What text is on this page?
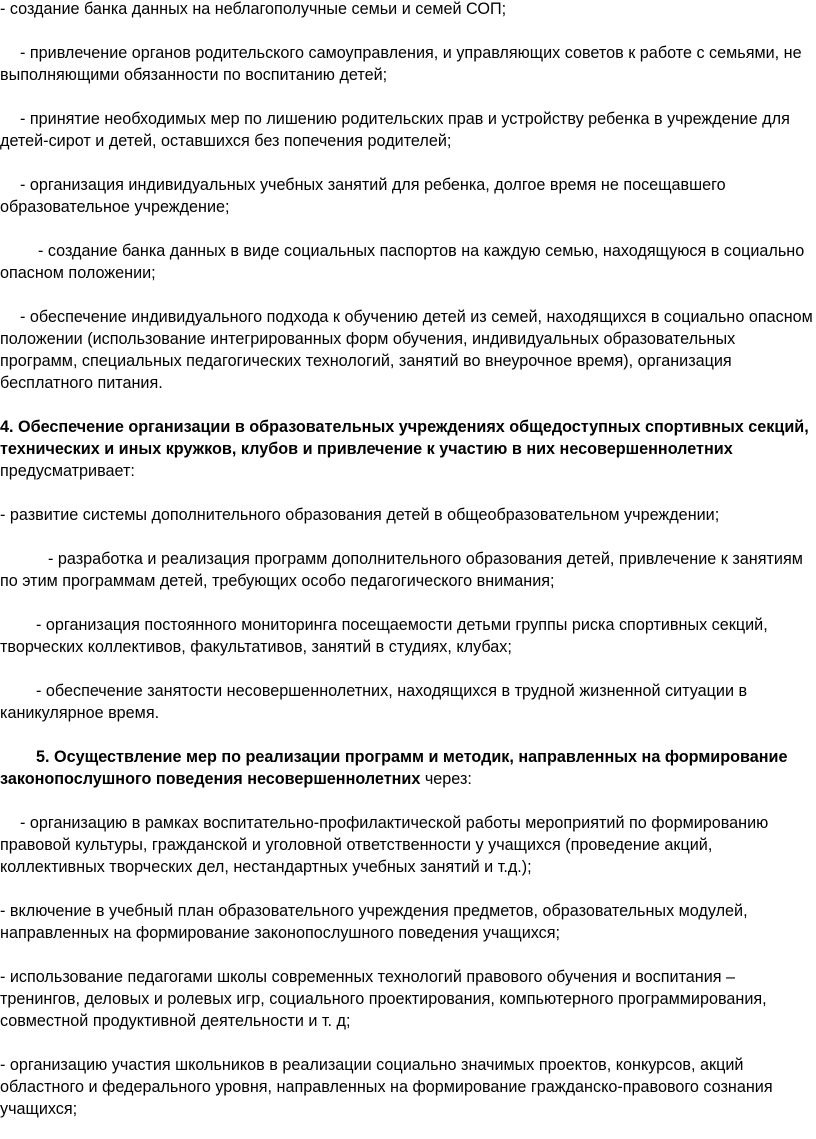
- создание банка данных на неблагополучные семьи и семей СОП;

- привлечение органов родительского самоуправления, и управляющих советов к работе с семьями, не выполняющими обязанности по воспитанию детей;

- принятие необходимых мер по лишению родительских прав и устройству ребенка в учреждение для детей-сирот и детей, оставшихся без попечения родителей;

- организация индивидуальных учебных занятий для ребенка, долгое время не посещавшего образовательное учреждение;

- создание банка данных в виде социальных паспортов на каждую семью, находящуюся в социально опасном положении;

- обеспечение индивидуального подхода к обучению детей из семей, находящихся в социально опасном положении (использование интегрированных форм обучения, индивидуальных образовательных программ, специальных педагогических технологий, занятий во внеурочное время), организация бесплатного питания.

4. Обеспечение организации в образовательных учреждениях общедоступных спортивных секций, технических и иных кружков, клубов и привлечение к участию в них несовершеннолетних предусматривает:

- развитие системы дополнительного образования детей в общеобразовательном учреждении;

- разработка и реализация программ дополнительного образования детей, привлечение к занятиям по этим программам детей, требующих особо педагогического внимания;

- организация постоянного мониторинга посещаемости детьми группы риска спортивных секций, творческих коллективов, факультативов, занятий в студиях, клубах;

- обеспечение занятости несовершеннолетних, находящихся в трудной жизненной ситуации в каникулярное время.

5. Осуществление мер по реализации программ и методик, направленных на формирование законопослушного поведения несовершеннолетних через:

- организацию в рамках воспитательно-профилактической работы мероприятий по формированию правовой культуры, гражданской и уголовной ответственности у учащихся (проведение акций, коллективных творческих дел, нестандартных учебных занятий и т.д.);

- включение в учебный план образовательного учреждения предметов, образовательных модулей, направленных на формирование законопослушного поведения учащихся;

- использование педагогами школы современных технологий правового обучения и воспитания – тренингов, деловых и ролевых игр, социального проектирования, компьютерного программирования, совместной продуктивной деятельности и т. д;

- организацию участия школьников в реализации социально значимых проектов, конкурсов, акций областного и федерального уровня, направленных на формирование гражданско-правового сознания учащихся;
